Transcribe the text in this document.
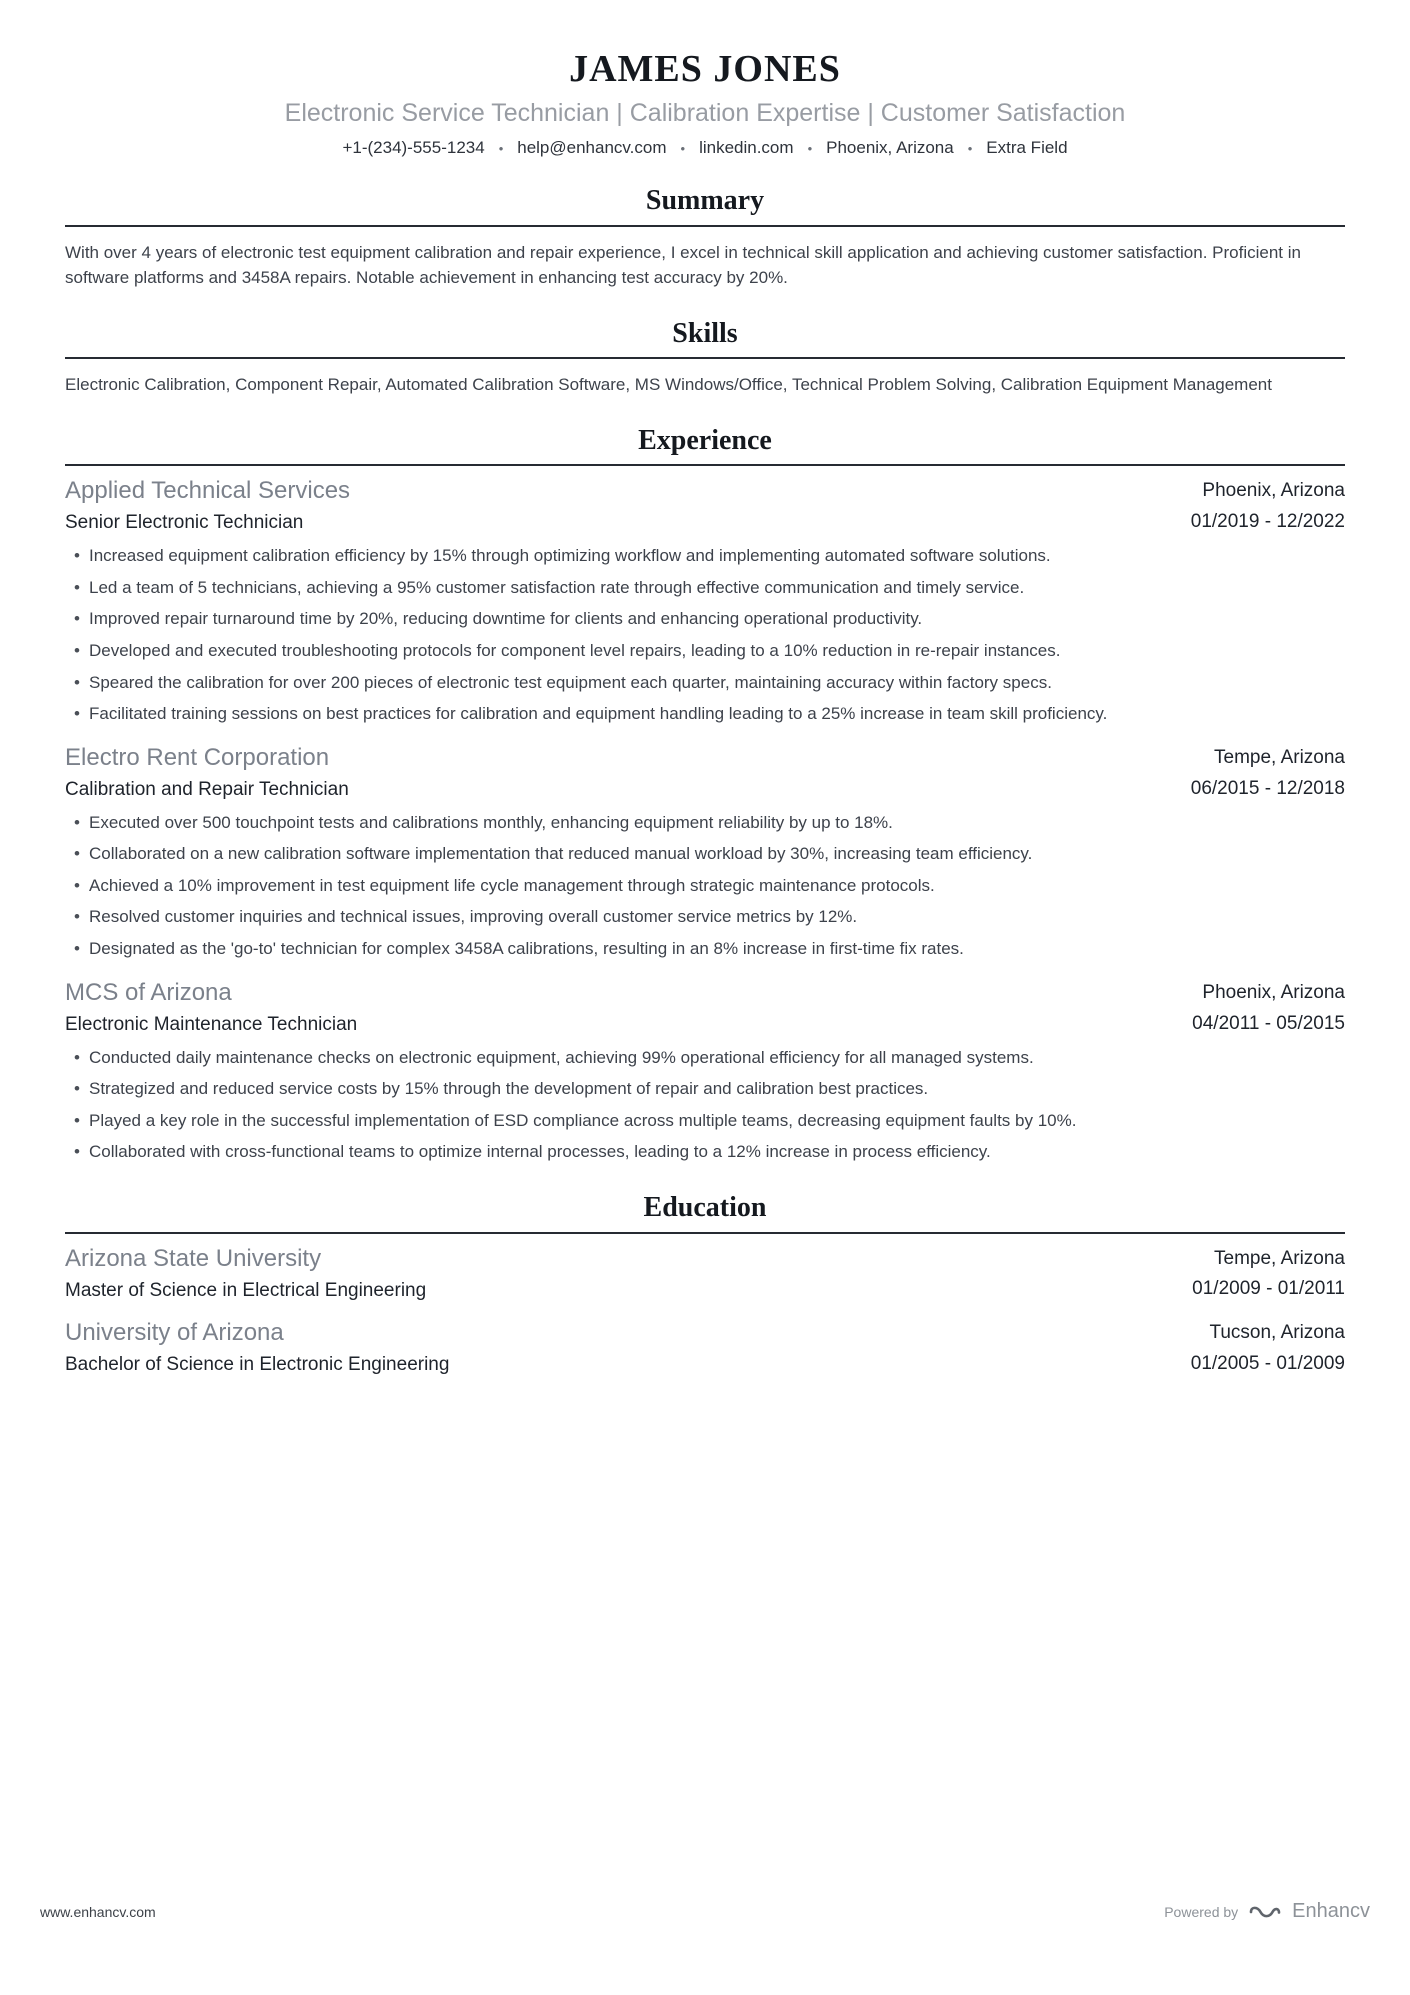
JAMES JONES
Electronic Service Technician | Calibration Expertise | Customer Satisfaction
+1-(234)-555-1234 • help@enhancv.com • linkedin.com • Phoenix, Arizona • Extra Field
Summary

With over 4 years of electronic test equipment calibration and repair experience, I excel in technical skill application and achieving customer satisfaction. Proficient in software platforms and 3458A repairs. Notable achievement in enhancing test accuracy by 20%.

Skills

Electronic Calibration, Component Repair, Automated Calibration Software, MS Windows/Office, Technical Problem Solving, Calibration Equipment Management

Experience
Applied Technical Services
Senior Electronic Technician
Phoenix, Arizona
01/2019 - 12/2022
• Increased equipment calibration efficiency by 15% through optimizing workflow and implementing automated software solutions.
• Led a team of 5 technicians, achieving a 95% customer satisfaction rate through effective communication and timely service.
• Improved repair turnaround time by 20%, reducing downtime for clients and enhancing operational productivity.
• Developed and executed troubleshooting protocols for component level repairs, leading to a 10% reduction in re-repair instances.
• Speared the calibration for over 200 pieces of electronic test equipment each quarter, maintaining accuracy within factory specs.
• Facilitated training sessions on best practices for calibration and equipment handling leading to a 25% increase in team skill proficiency.
Electro Rent Corporation
Calibration and Repair Technician
Tempe, Arizona
06/2015 - 12/2018
• Executed over 500 touchpoint tests and calibrations monthly, enhancing equipment reliability by up to 18%.
• Collaborated on a new calibration software implementation that reduced manual workload by 30%, increasing team efficiency.
• Achieved a 10% improvement in test equipment life cycle management through strategic maintenance protocols.
• Resolved customer inquiries and technical issues, improving overall customer service metrics by 12%.
• Designated as the 'go-to' technician for complex 3458A calibrations, resulting in an 8% increase in first-time fix rates.
MCS of Arizona
Electronic Maintenance Technician
Phoenix, Arizona
04/2011 - 05/2015
• Conducted daily maintenance checks on electronic equipment, achieving 99% operational efficiency for all managed systems.
• Strategized and reduced service costs by 15% through the development of repair and calibration best practices.
• Played a key role in the successful implementation of ESD compliance across multiple teams, decreasing equipment faults by 10%.
• Collaborated with cross-functional teams to optimize internal processes, leading to a 12% increase in process efficiency.
Education
Arizona State University
Master of Science in Electrical Engineering
Tempe, Arizona
01/2009 - 01/2011
University of Arizona
Bachelor of Science in Electronic Engineering
Tucson, Arizona
01/2005 - 01/2009
www.enhancv.com	Powered by	Enhancv
